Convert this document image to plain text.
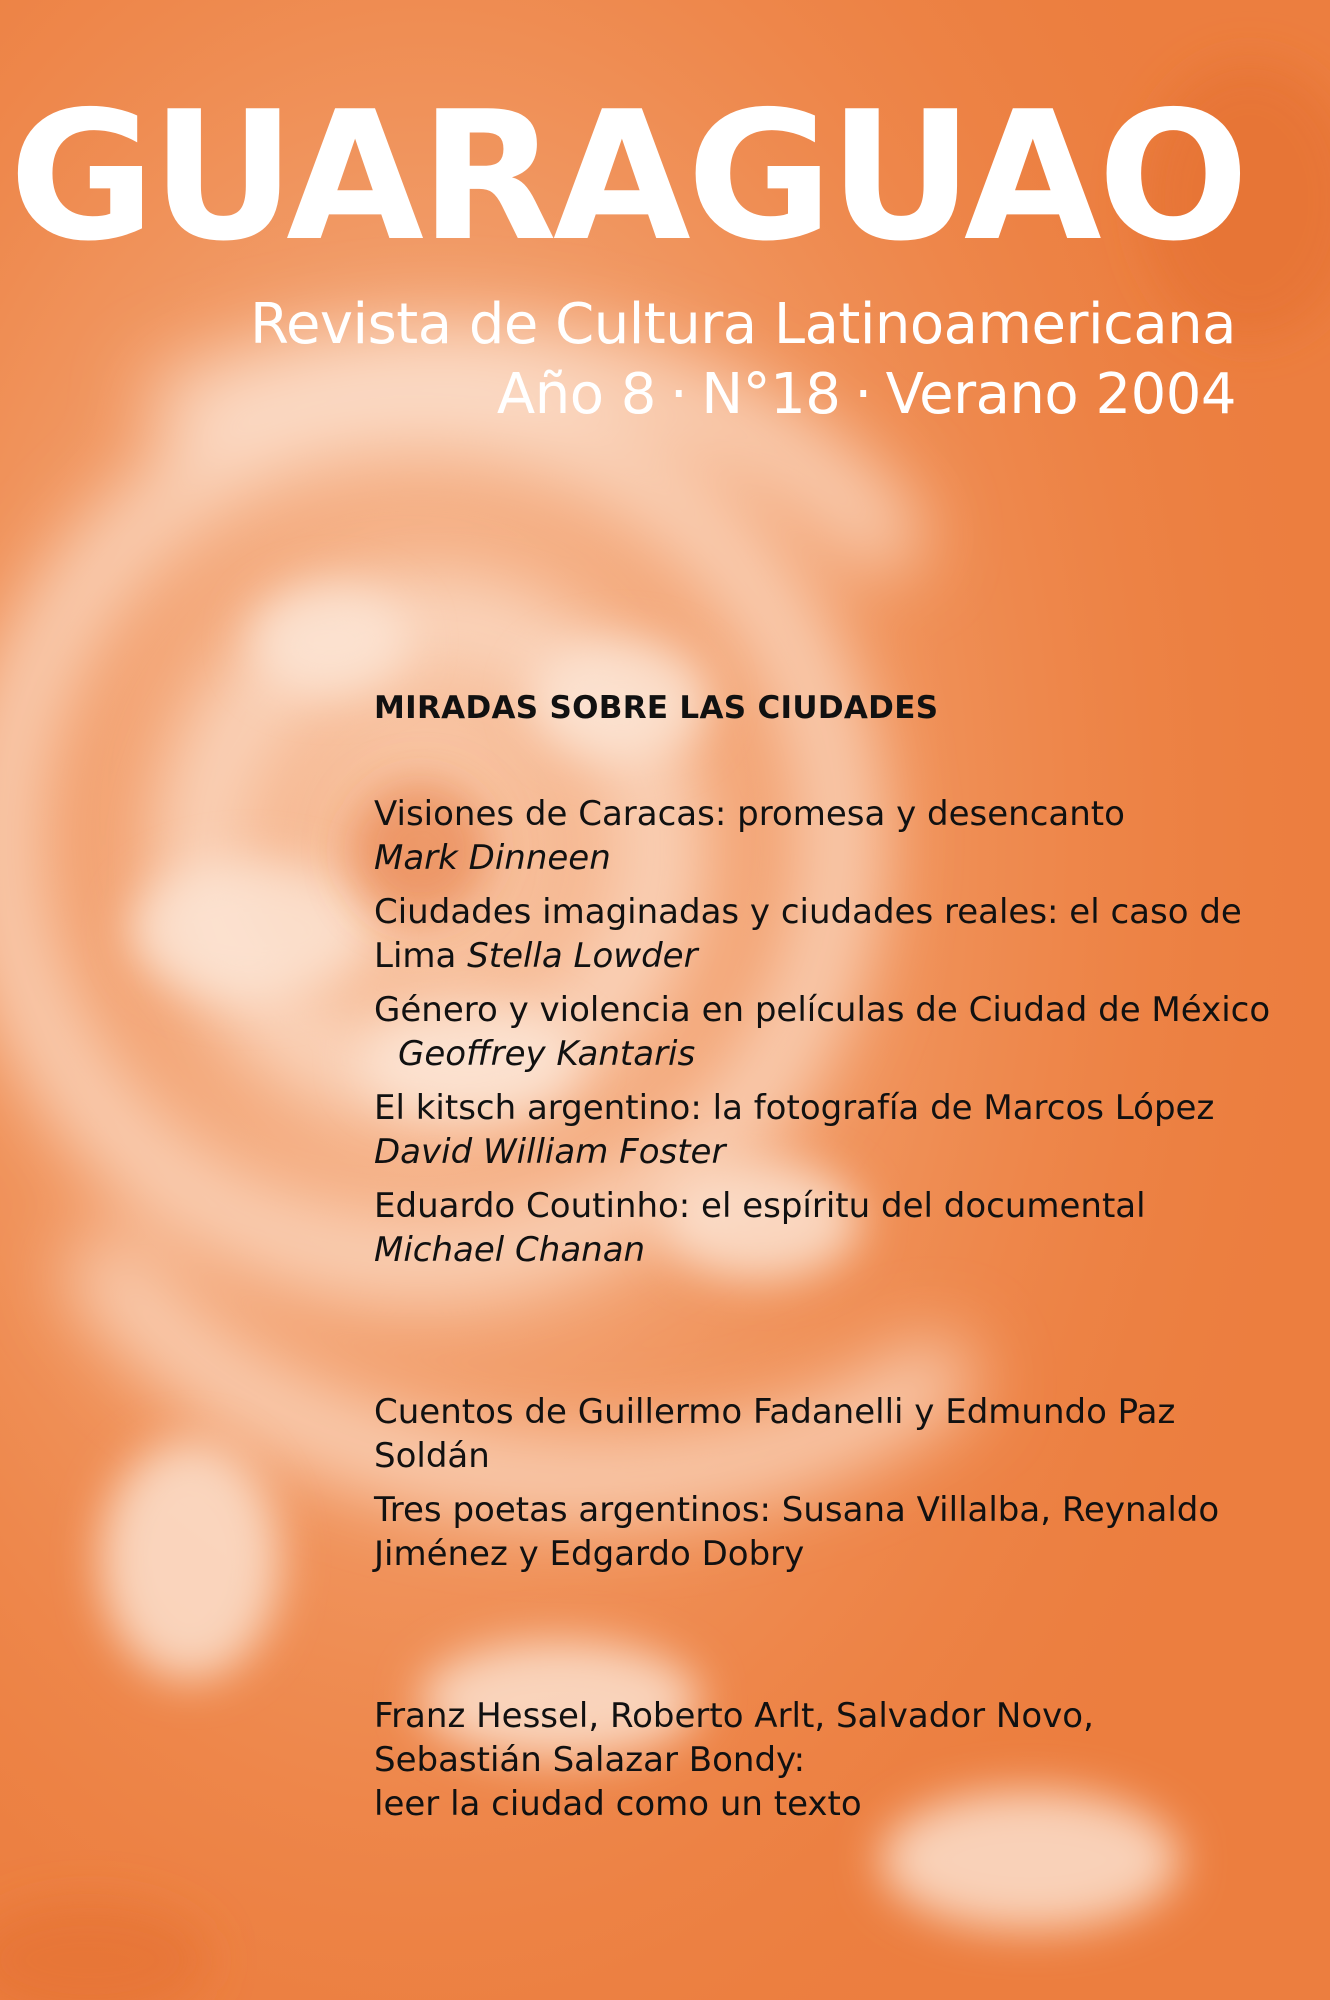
GUARAGUAO
Revista de Cultura Latinoamericana
Año 8 · N°18 · Verano 2004
MIRADAS SOBRE LAS CIUDADES
Visiones de Caracas: promesa y desencanto
Mark Dinneen
Ciudades imaginadas y ciudades reales: el caso de Lima Stella Lowder
Género y violencia en películas de Ciudad de México Geoffrey Kantaris
El kitsch argentino: la fotografía de Marcos López
David William Foster
Eduardo Coutinho: el espíritu del documental
Michael Chanan
Cuentos de Guillermo Fadanelli y Edmundo Paz Soldán
Tres poetas argentinos: Susana Villalba, Reynaldo Jiménez y Edgardo Dobry
Franz Hessel, Roberto Arlt, Salvador Novo,
Sebastián Salazar Bondy:
leer la ciudad como un texto
